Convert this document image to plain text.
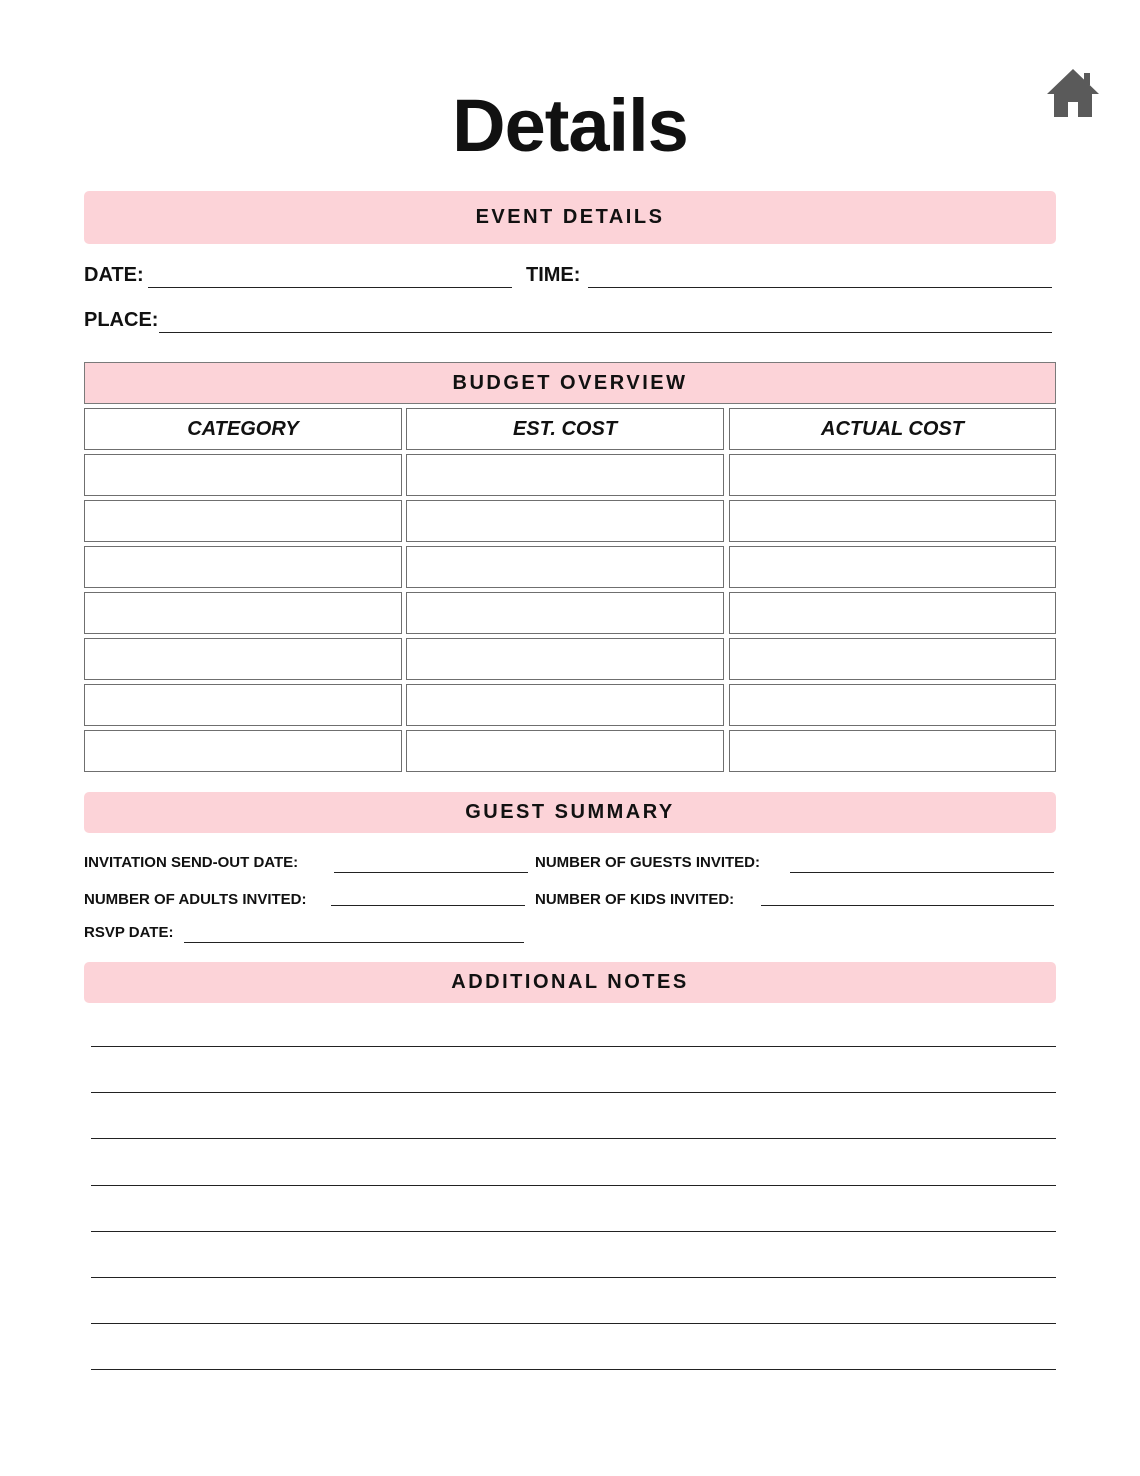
Details
EVENT DETAILS
DATE:	TIME:
PLACE:
BUDGET OVERVIEW
CATEGORY	EST. COST	ACTUAL COST
GUEST SUMMARY
INVITATION SEND-OUT DATE:	NUMBER OF GUESTS INVITED:
NUMBER OF ADULTS INVITED:	NUMBER OF KIDS INVITED:
RSVP DATE:
ADDITIONAL NOTES
